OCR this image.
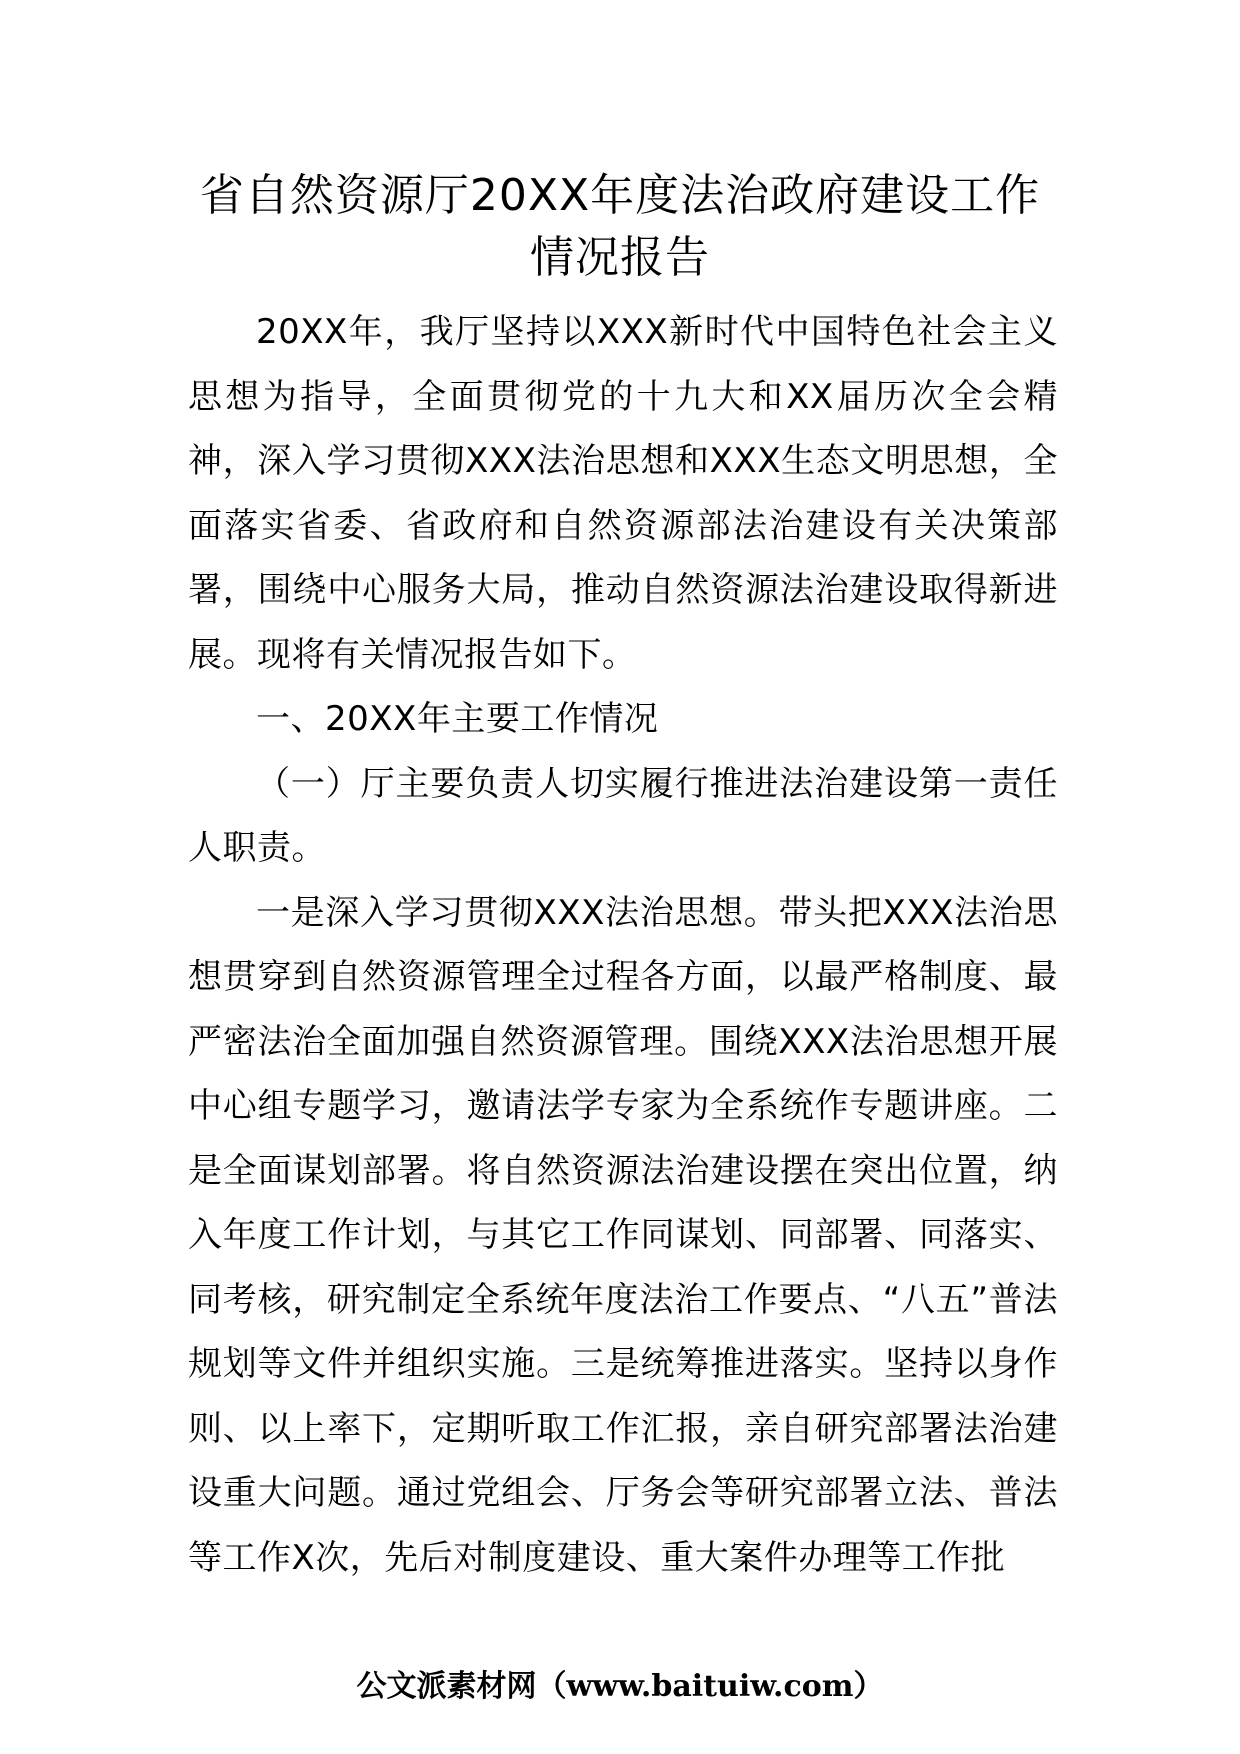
省自然资源厅20XX年度法治政府建设工作
情况报告

20XX年，我厅坚持以XXX新时代中国特色社会主义思想为指导，全面贯彻党的十九大和XX届历次全会精神，深入学习贯彻XXX法治思想和XXX生态文明思想，全面落实省委、省政府和自然资源部法治建设有关决策部署，围绕中心服务大局，推动自然资源法治建设取得新进展。现将有关情况报告如下。

一、20XX年主要工作情况

（一）厅主要负责人切实履行推进法治建设第一责任人职责。

一是深入学习贯彻XXX法治思想。带头把XXX法治思想贯穿到自然资源管理全过程各方面，以最严格制度、最严密法治全面加强自然资源管理。围绕XXX法治思想开展中心组专题学习，邀请法学专家为全系统作专题讲座。二是全面谋划部署。将自然资源法治建设摆在突出位置，纳入年度工作计划，与其它工作同谋划、同部署、同落实、同考核，研究制定全系统年度法治工作要点、“八五”普法规划等文件并组织实施。三是统筹推进落实。坚持以身作则、以上率下，定期听取工作汇报，亲自研究部署法治建设重大问题。通过党组会、厅务会等研究部署立法、普法等工作X次，先后对制度建设、重大案件办理等工作批

公文派素材网（www.baituiw.com）
